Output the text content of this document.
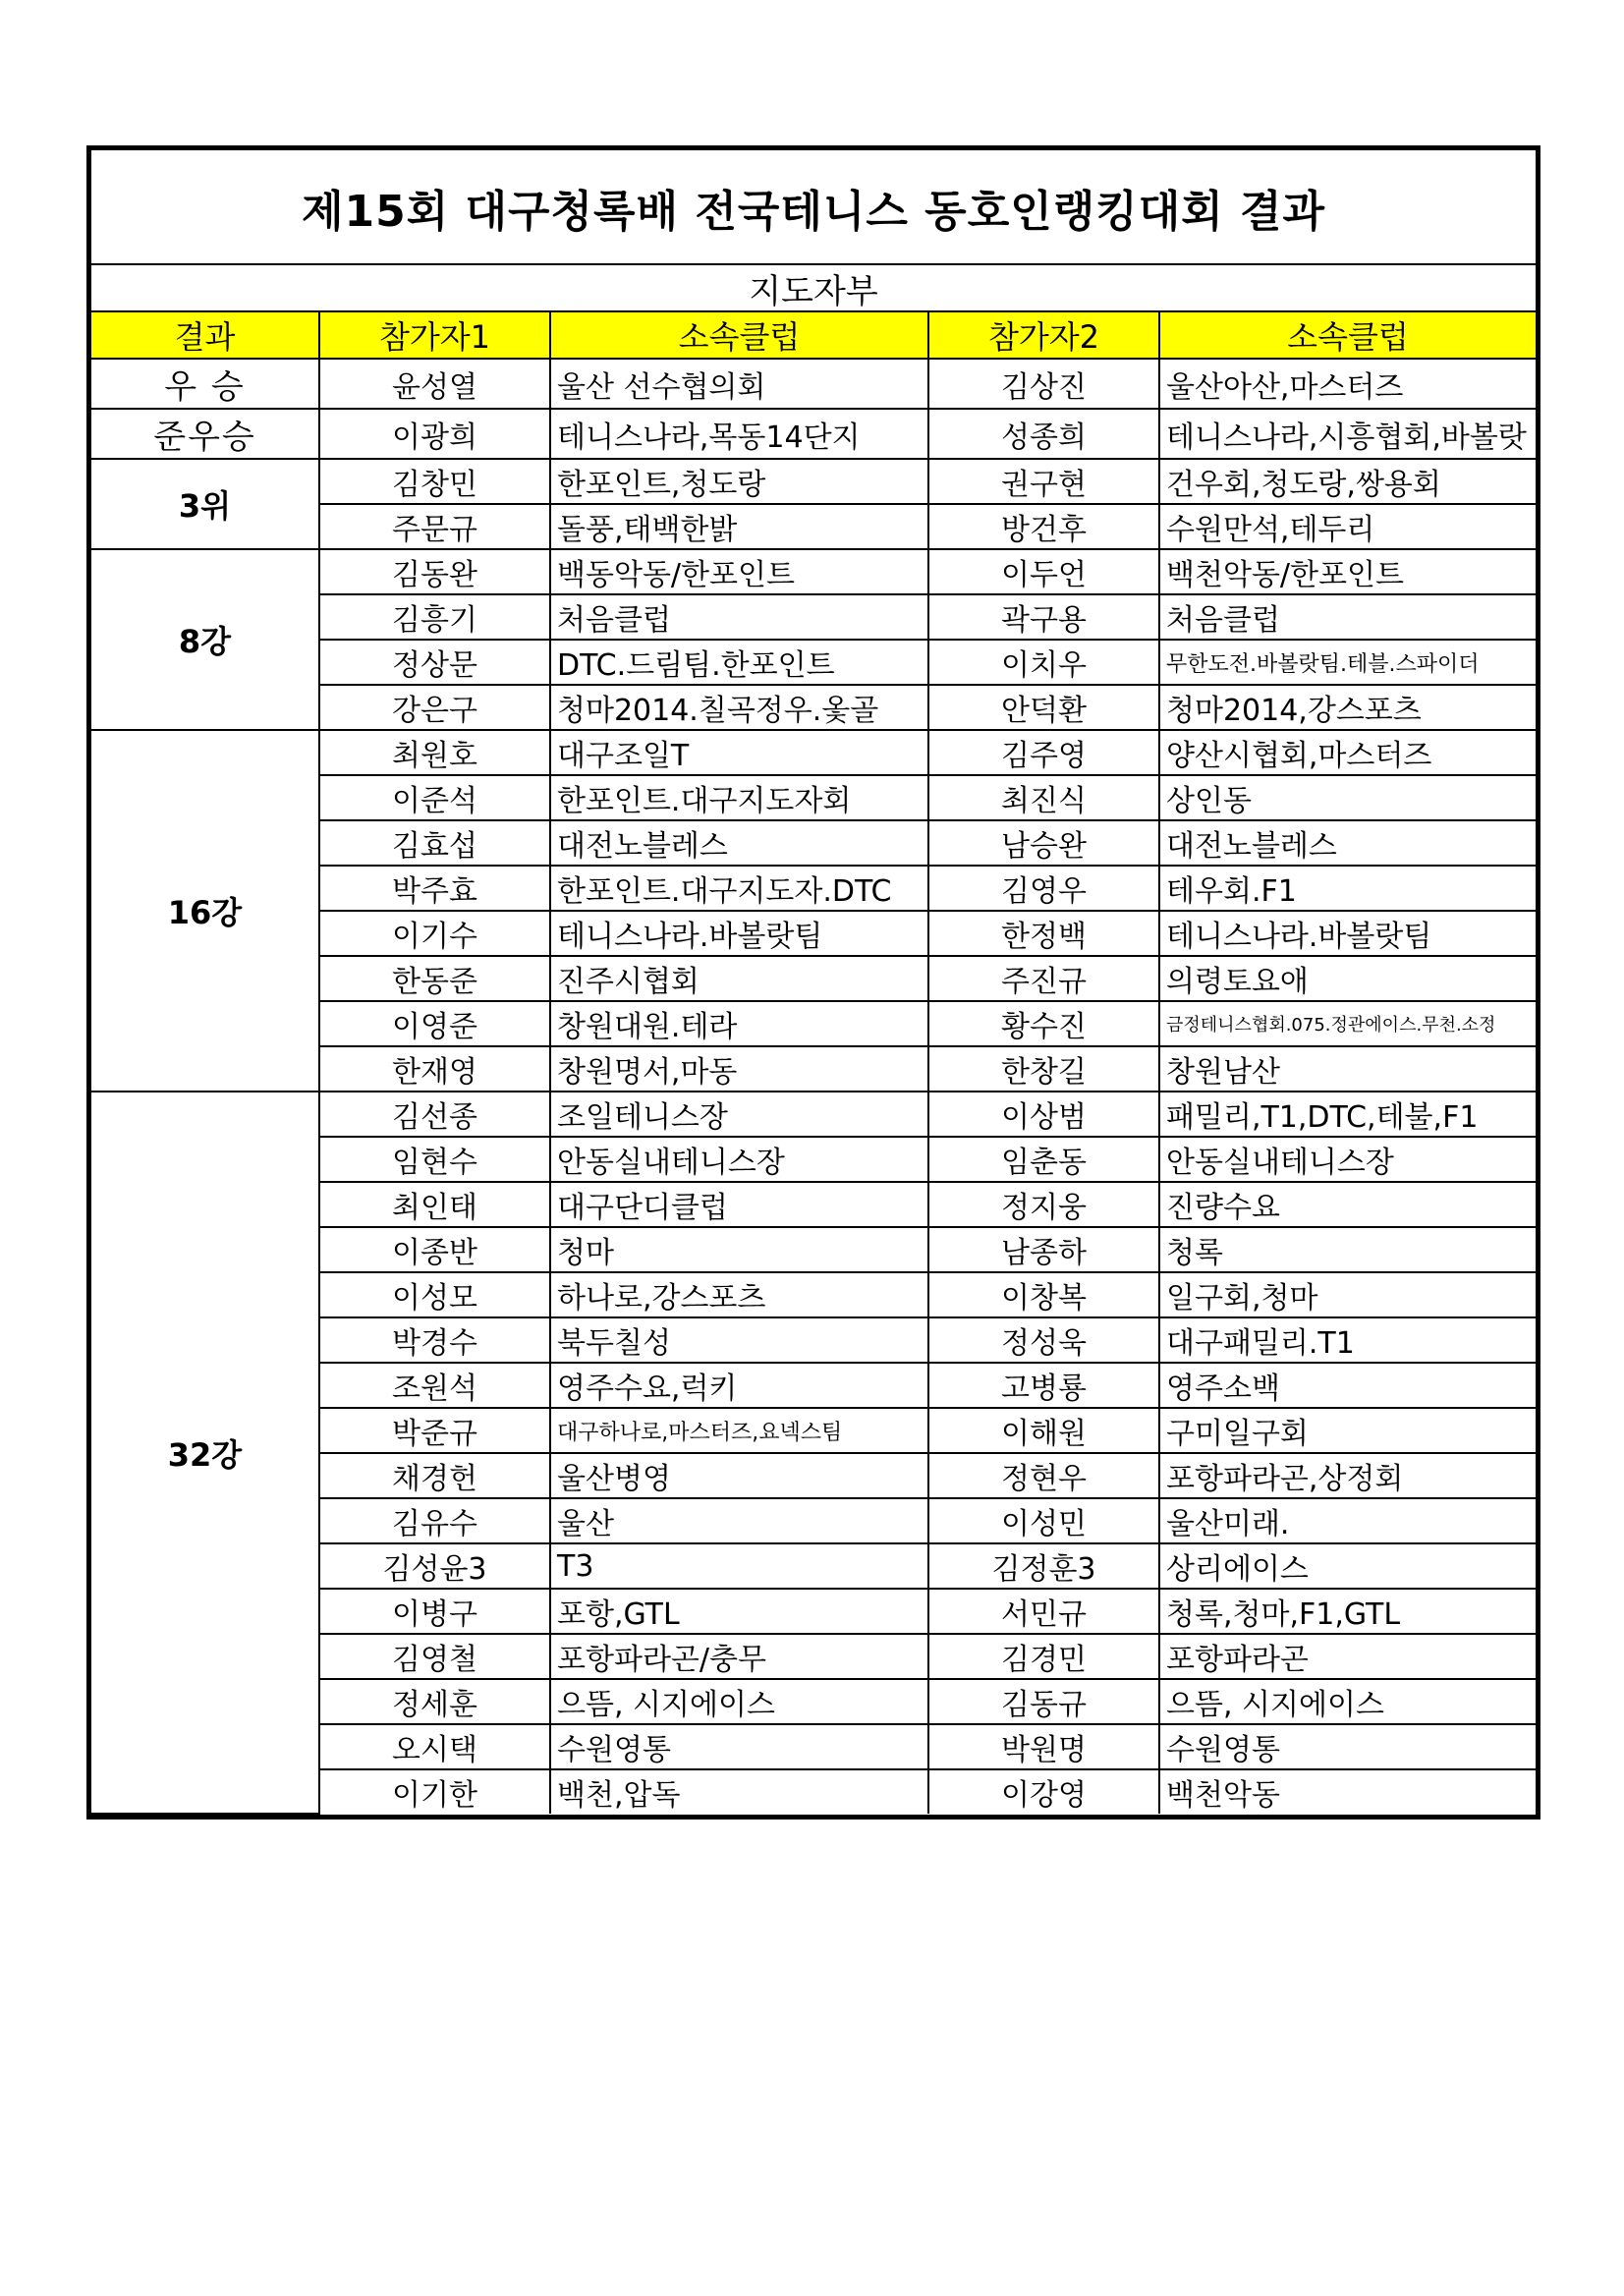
제15회 대구청록배 전국테니스 동호인랭킹대회 결과
지도자부
결과	참가자1	소속클럽	참가자2	소속클럽
우 승	윤성열	울산 선수협의회	김상진	울산아산,마스터즈
준우승	이광희	테니스나라,목동14단지	성종희	테니스나라,시흥협회,바볼랏
3위	김창민	한포인트,청도랑	권구현	건우회,청도랑,쌍용회
	주문규	돌풍,태백한밝	방건후	수원만석,테두리
8강	김동완	백동악동/한포인트	이두언	백천악동/한포인트
	김흥기	처음클럽	곽구용	처음클럽
	정상문	DTC.드림팀.한포인트	이치우	무한도전.바볼랏팀.테블.스파이더
	강은구	청마2014.칠곡정우.옻골	안덕환	청마2014,강스포츠
16강	최원호	대구조일T	김주영	양산시협회,마스터즈
	이준석	한포인트.대구지도자회	최진식	상인동
	김효섭	대전노블레스	남승완	대전노블레스
	박주효	한포인트.대구지도자.DTC	김영우	테우회.F1
	이기수	테니스나라.바볼랏팀	한정백	테니스나라.바볼랏팀
	한동준	진주시협회	주진규	의령토요애
	이영준	창원대원.테라	황수진	금정테니스협회.075.정관에이스.무천.소정
	한재영	창원명서,마동	한창길	창원남산
32강	김선종	조일테니스장	이상범	패밀리,T1,DTC,테불,F1
	임현수	안동실내테니스장	임춘동	안동실내테니스장
	최인태	대구단디클럽	정지웅	진량수요
	이종반	청마	남종하	청록
	이성모	하나로,강스포츠	이창복	일구회,청마
	박경수	북두칠성	정성욱	대구패밀리.T1
	조원석	영주수요,럭키	고병룡	영주소백
	박준규	대구하나로,마스터즈,요넥스팀	이해원	구미일구회
	채경헌	울산병영	정현우	포항파라곤,상정회
	김유수	울산	이성민	울산미래.
	김성윤3	T3	김정훈3	상리에이스
	이병구	포항,GTL	서민규	청록,청마,F1,GTL
	김영철	포항파라곤/충무	김경민	포항파라곤
	정세훈	으뜸, 시지에이스	김동규	으뜸, 시지에이스
	오시택	수원영통	박원명	수원영통
	이기한	백천,압독	이강영	백천악동
